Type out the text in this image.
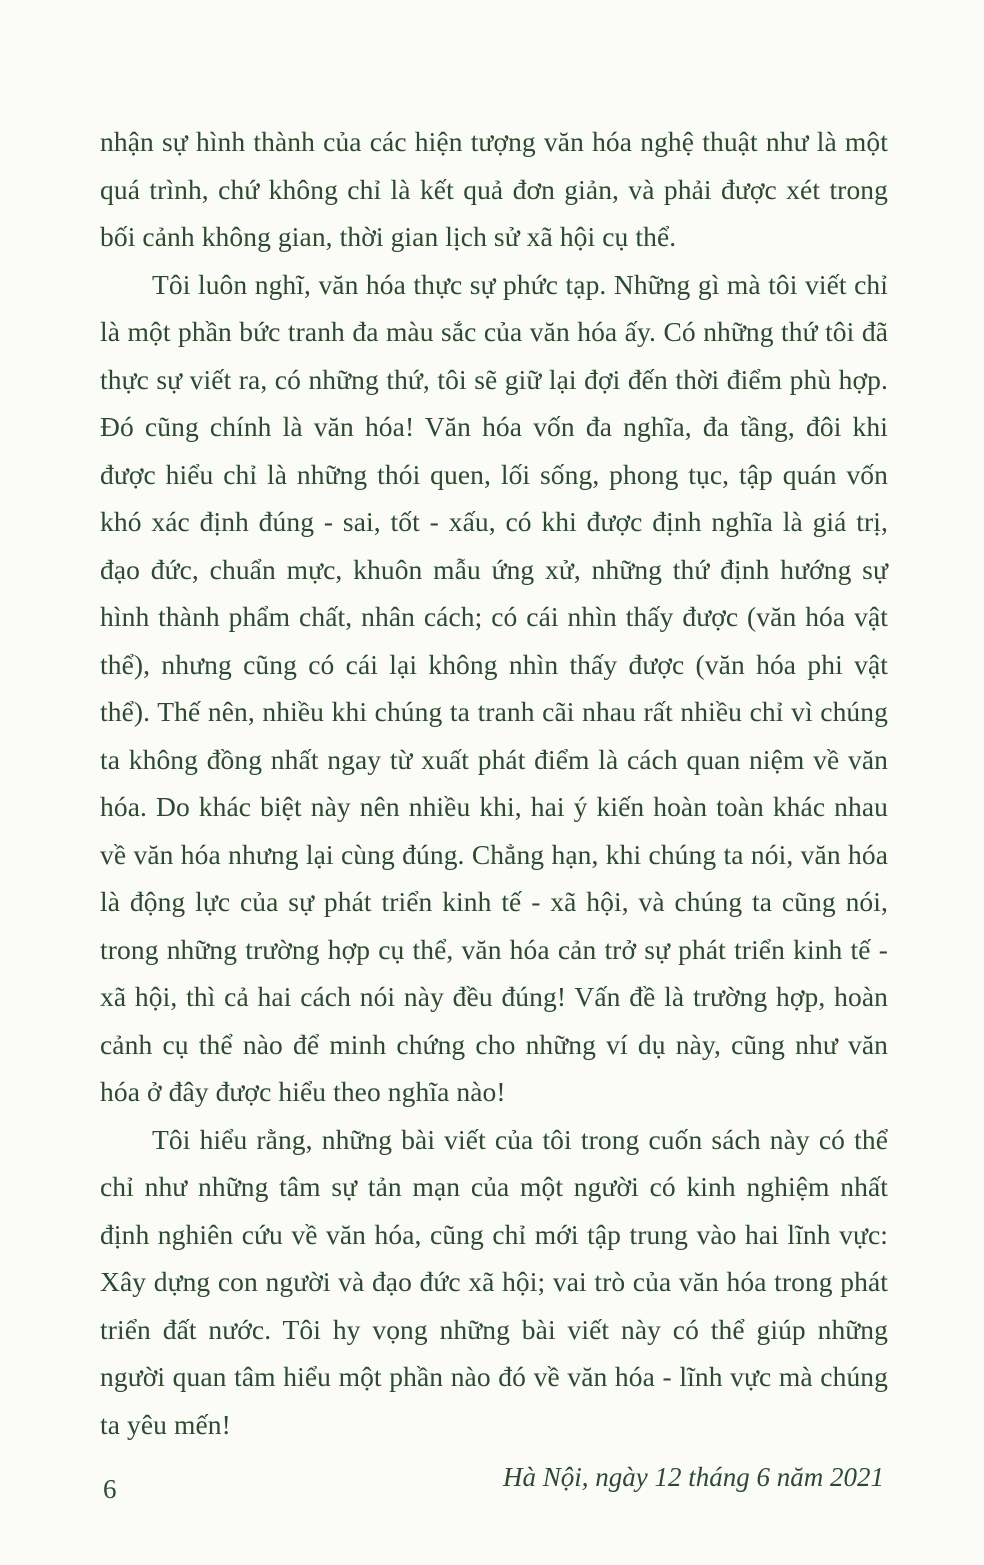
nhận sự hình thành của các hiện tượng văn hóa nghệ thuật như là một quá trình, chứ không chỉ là kết quả đơn giản, và phải được xét trong bối cảnh không gian, thời gian lịch sử xã hội cụ thể.

Tôi luôn nghĩ, văn hóa thực sự phức tạp. Những gì mà tôi viết chỉ là một phần bức tranh đa màu sắc của văn hóa ấy. Có những thứ tôi đã thực sự viết ra, có những thứ, tôi sẽ giữ lại đợi đến thời điểm phù hợp. Đó cũng chính là văn hóa! Văn hóa vốn đa nghĩa, đa tầng, đôi khi được hiểu chỉ là những thói quen, lối sống, phong tục, tập quán vốn khó xác định đúng - sai, tốt - xấu, có khi được định nghĩa là giá trị, đạo đức, chuẩn mực, khuôn mẫu ứng xử, những thứ định hướng sự hình thành phẩm chất, nhân cách; có cái nhìn thấy được (văn hóa vật thể), nhưng cũng có cái lại không nhìn thấy được (văn hóa phi vật thể). Thế nên, nhiều khi chúng ta tranh cãi nhau rất nhiều chỉ vì chúng ta không đồng nhất ngay từ xuất phát điểm là cách quan niệm về văn hóa. Do khác biệt này nên nhiều khi, hai ý kiến hoàn toàn khác nhau về văn hóa nhưng lại cùng đúng. Chẳng hạn, khi chúng ta nói, văn hóa là động lực của sự phát triển kinh tế - xã hội, và chúng ta cũng nói, trong những trường hợp cụ thể, văn hóa cản trở sự phát triển kinh tế - xã hội, thì cả hai cách nói này đều đúng! Vấn đề là trường hợp, hoàn cảnh cụ thể nào để minh chứng cho những ví dụ này, cũng như văn hóa ở đây được hiểu theo nghĩa nào!

Tôi hiểu rằng, những bài viết của tôi trong cuốn sách này có thể chỉ như những tâm sự tản mạn của một người có kinh nghiệm nhất định nghiên cứu về văn hóa, cũng chỉ mới tập trung vào hai lĩnh vực: Xây dựng con người và đạo đức xã hội; vai trò của văn hóa trong phát triển đất nước. Tôi hy vọng những bài viết này có thể giúp những người quan tâm hiểu một phần nào đó về văn hóa - lĩnh vực mà chúng ta yêu mến!

Hà Nội, ngày 12 tháng 6 năm 2021
6
